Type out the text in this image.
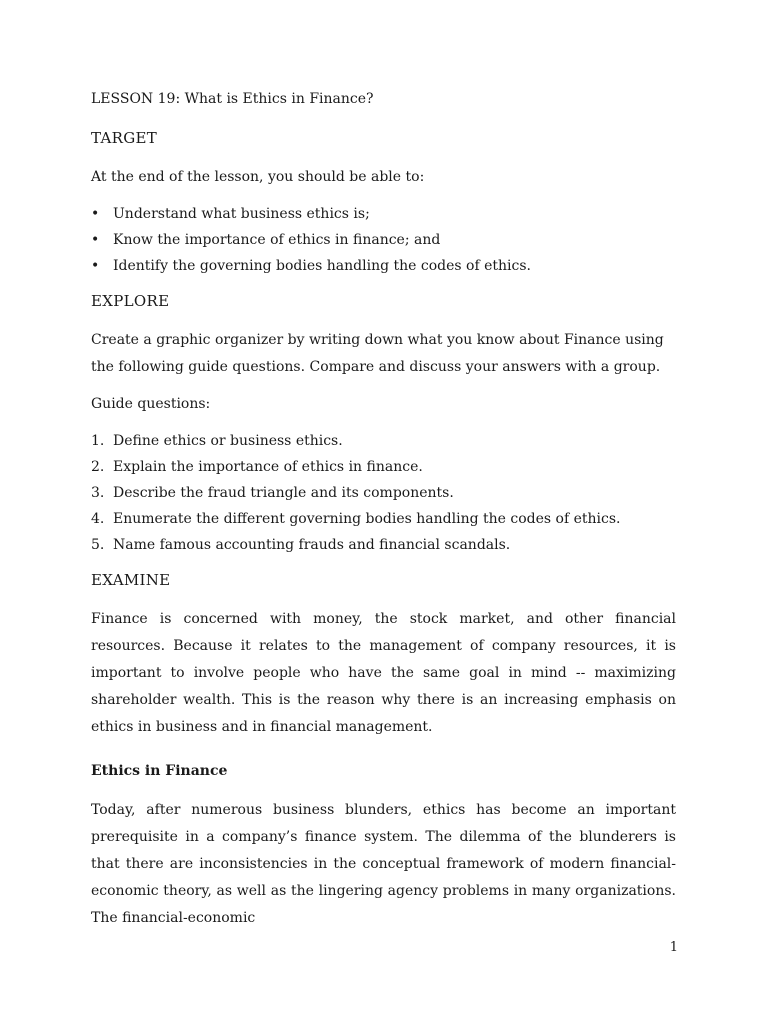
LESSON 19: What is Ethics in Finance?

TARGET

At the end of the lesson, you should be able to:

• Understand what business ethics is;
• Know the importance of ethics in finance; and
• Identify the governing bodies handling the codes of ethics.

EXPLORE

Create a graphic organizer by writing down what you know about Finance using the following guide questions. Compare and discuss your answers with a group.

Guide questions:

1. Define ethics or business ethics.
2. Explain the importance of ethics in finance.
3. Describe the fraud triangle and its components.
4. Enumerate the different governing bodies handling the codes of ethics.
5. Name famous accounting frauds and financial scandals.

EXAMINE

Finance is concerned with money, the stock market, and other financial resources. Because it relates to the management of company resources, it is important to involve people who have the same goal in mind -- maximizing shareholder wealth. This is the reason why there is an increasing emphasis on ethics in business and in financial management.

Ethics in Finance

Today, after numerous business blunders, ethics has become an important prerequisite in a company’s finance system. The dilemma of the blunderers is that there are inconsistencies in the conceptual framework of modern financial-economic theory, as well as the lingering agency problems in many organizations. The financial-economic

1
